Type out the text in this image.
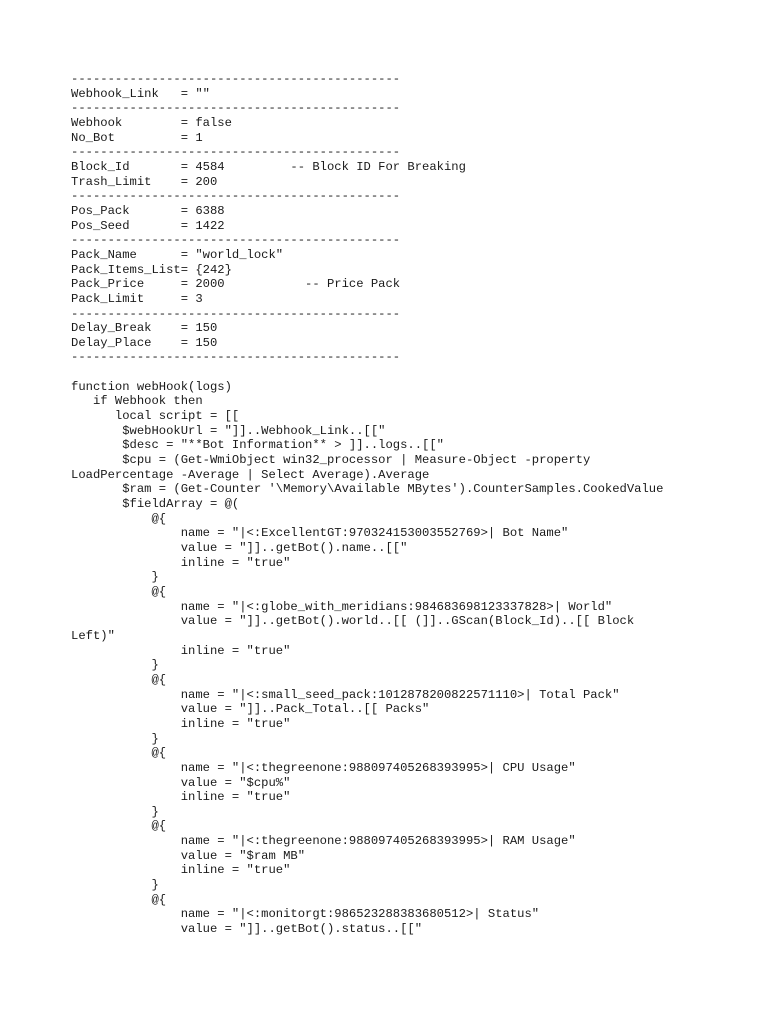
---------------------------------------------
Webhook_Link   = ""
---------------------------------------------
Webhook        = false
No_Bot         = 1
---------------------------------------------
Block_Id       = 4584         -- Block ID For Breaking
Trash_Limit    = 200
---------------------------------------------
Pos_Pack       = 6388
Pos_Seed       = 1422
---------------------------------------------
Pack_Name      = "world_lock"
Pack_Items_List= {242}
Pack_Price     = 2000           -- Price Pack
Pack_Limit     = 3
---------------------------------------------
Delay_Break    = 150
Delay_Place    = 150
---------------------------------------------
function webHook(logs)
if Webhook then
local script = [[
$webHookUrl = "]]..Webhook_Link..[["
$desc = "**Bot Information** > ]]..logs..[["
$cpu = (Get-WmiObject win32_processor | Measure-Object -property
LoadPercentage -Average | Select Average).Average
$ram = (Get-Counter '\Memory\Available MBytes').CounterSamples.CookedValue
$fieldArray = @(
@{
name = "|<:ExcellentGT:970324153003552769>| Bot Name"
value = "]]..getBot().name..[["
inline = "true"
}
@{
name = "|<:globe_with_meridians:984683698123337828>| World"
value = "]]..getBot().world..[[ (]]..GScan(Block_Id)..[[ Block
Left)"
inline = "true"
}
@{
name = "|<:small_seed_pack:1012878200822571110>| Total Pack"
value = "]]..Pack_Total..[[ Packs"
inline = "true"
}
@{
name = "|<:thegreenone:988097405268393995>| CPU Usage"
value = "$cpu%"
inline = "true"
}
@{
name = "|<:thegreenone:988097405268393995>| RAM Usage"
value = "$ram MB"
inline = "true"
}
@{
name = "|<:monitorgt:986523288383680512>| Status"
value = "]]..getBot().status..[["
